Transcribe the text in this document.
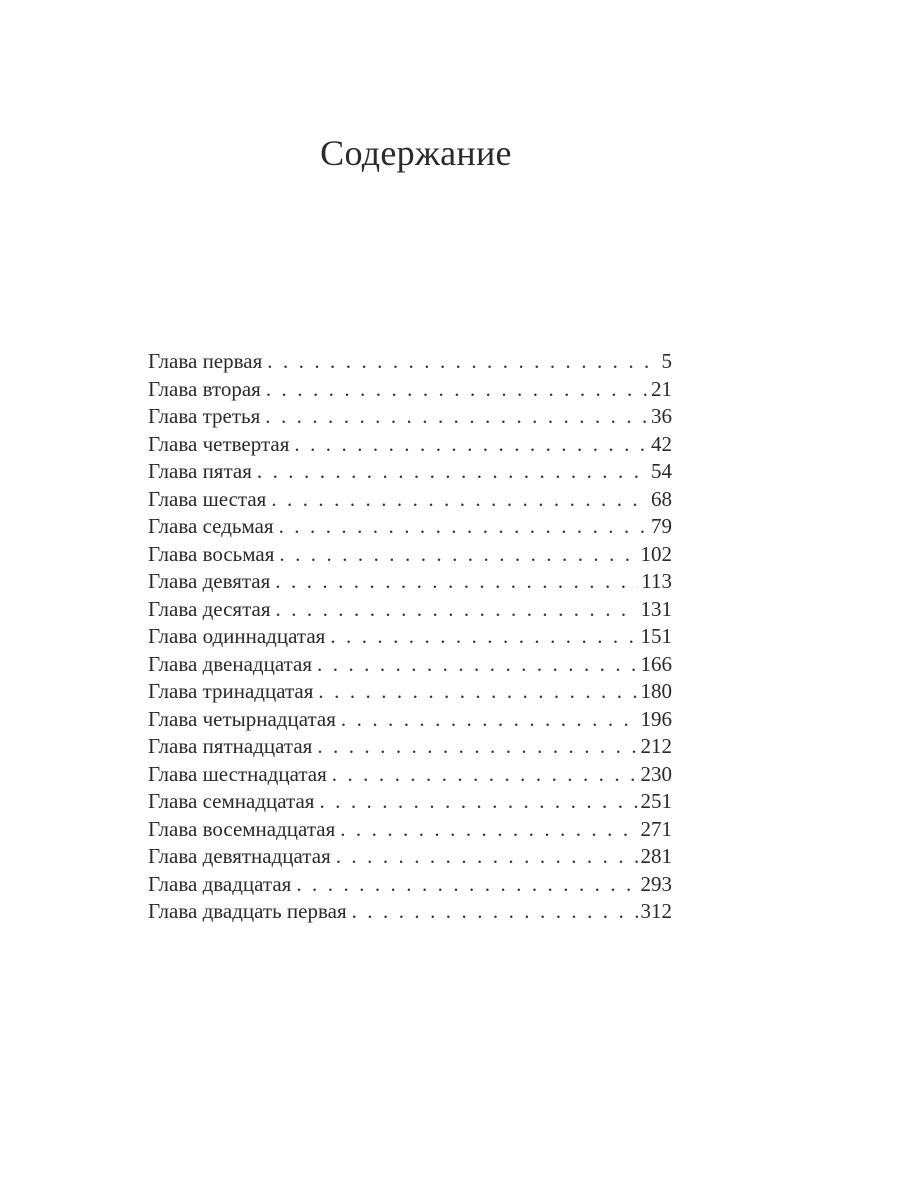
Содержание
Глава первая . . .	5
Глава вторая . . .	21
Глава третья . . .	36
Глава четвертая . . .	42
Глава пятая . . .	54
Глава шестая . . .	68
Глава седьмая . . .	79
Глава восьмая . . .	102
Глава девятая . . .	113
Глава десятая . . .	131
Глава одиннадцатая . . .	151
Глава двенадцатая . . .	166
Глава тринадцатая . . .	180
Глава четырнадцатая . . .	196
Глава пятнадцатая . . .	212
Глава шестнадцатая . . .	230
Глава семнадцатая . . .	251
Глава восемнадцатая . . .	271
Глава девятнадцатая . . .	281
Глава двадцатая . . .	293
Глава двадцать первая . . .	312
